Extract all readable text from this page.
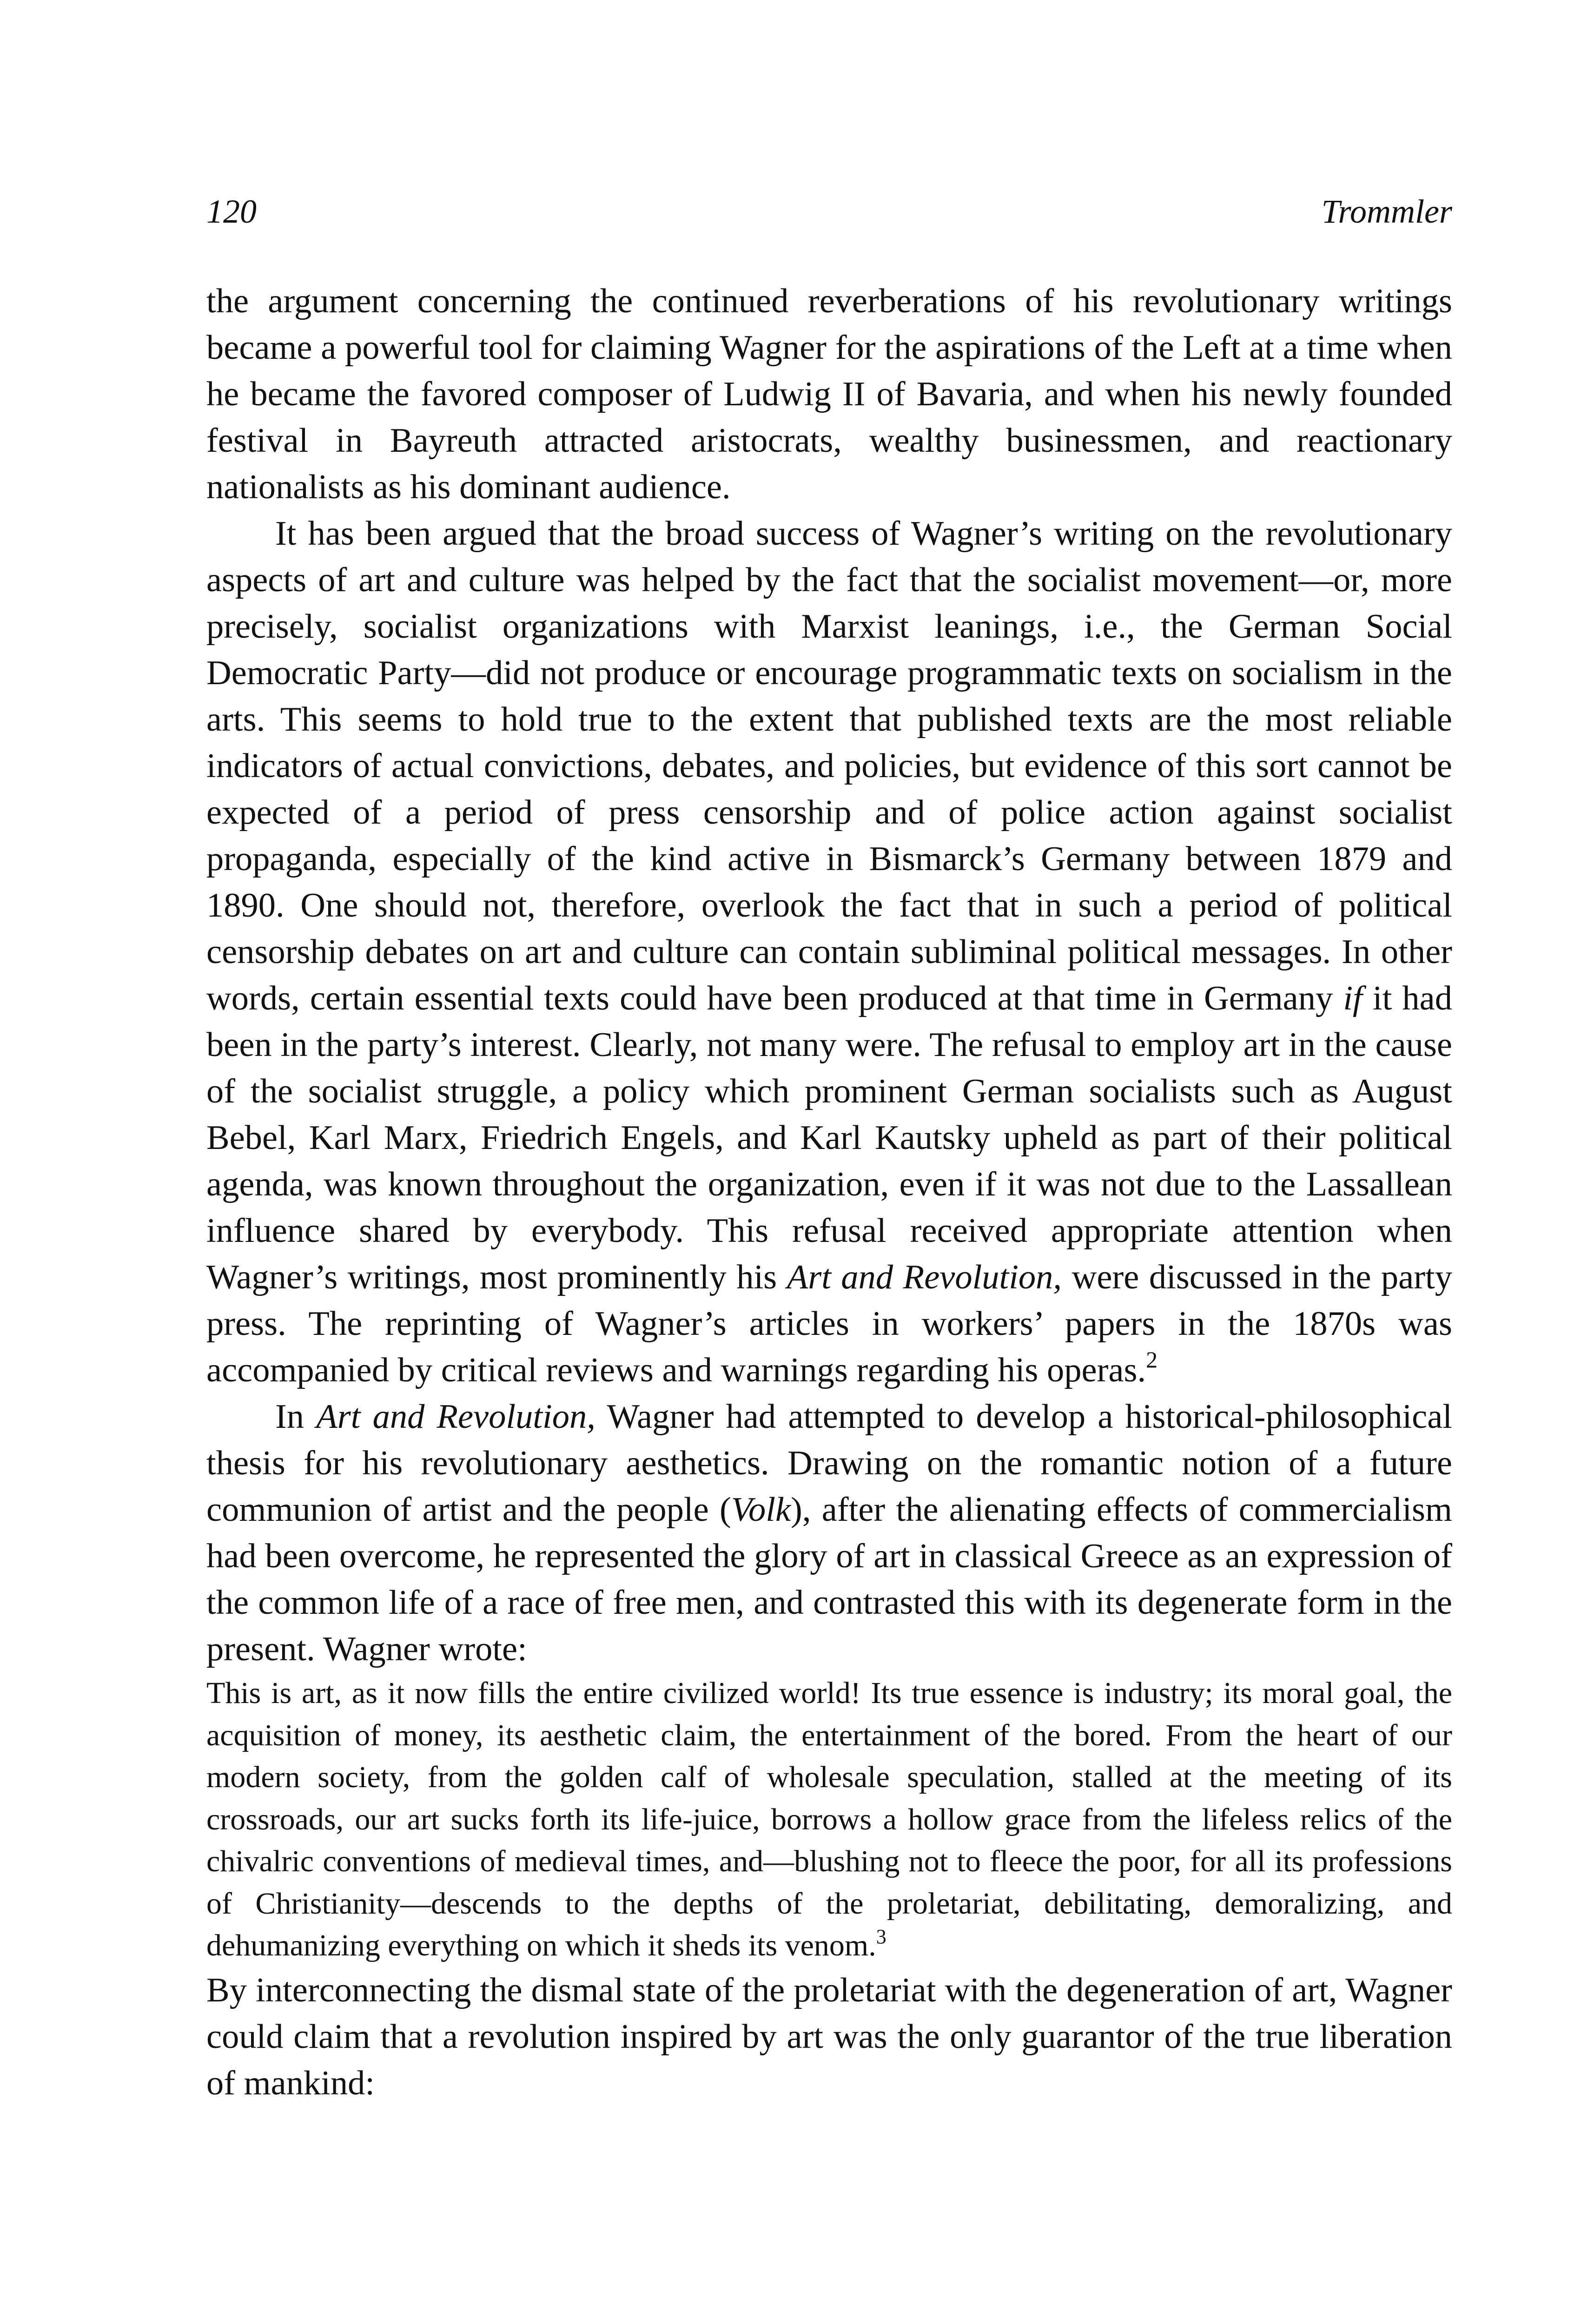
120	Trommler

the argument concerning the continued reverberations of his revolutionary writings became a powerful tool for claiming Wagner for the aspirations of the Left at a time when he became the favored composer of Ludwig II of Bavaria, and when his newly founded festival in Bayreuth attracted aristocrats, wealthy businessmen, and reactionary nationalists as his dominant audience.

It has been argued that the broad success of Wagner’s writing on the revolutionary aspects of art and culture was helped by the fact that the socialist movement—or, more precisely, socialist organizations with Marxist leanings, i.e., the German Social Democratic Party—did not produce or encourage programmatic texts on socialism in the arts. This seems to hold true to the extent that published texts are the most reliable indicators of actual convictions, debates, and policies, but evidence of this sort cannot be expected of a period of press censorship and of police action against socialist propaganda, especially of the kind active in Bismarck’s Germany between 1879 and 1890. One should not, therefore, overlook the fact that in such a period of political censorship debates on art and culture can contain subliminal political messages. In other words, certain essential texts could have been produced at that time in Germany if it had been in the party’s interest. Clearly, not many were. The refusal to employ art in the cause of the socialist struggle, a policy which prominent German socialists such as August Bebel, Karl Marx, Friedrich Engels, and Karl Kautsky upheld as part of their political agenda, was known throughout the organization, even if it was not due to the Lassallean influence shared by everybody. This refusal received appropriate attention when Wagner’s writings, most prominently his Art and Revolution, were discussed in the party press. The reprinting of Wagner’s articles in workers’ papers in the 1870s was accompanied by critical reviews and warnings regarding his operas.$^2$

In Art and Revolution, Wagner had attempted to develop a historical-philosophical thesis for his revolutionary aesthetics. Drawing on the romantic notion of a future communion of artist and the people (Volk), after the alienating effects of commercialism had been overcome, he represented the glory of art in classical Greece as an expression of the common life of a race of free men, and contrasted this with its degenerate form in the present. Wagner wrote:

This is art, as it now fills the entire civilized world! Its true essence is industry; its moral goal, the acquisition of money, its aesthetic claim, the entertainment of the bored. From the heart of our modern society, from the golden calf of wholesale speculation, stalled at the meeting of its crossroads, our art sucks forth its life-juice, borrows a hollow grace from the lifeless relics of the chivalric conventions of medieval times, and—blushing not to fleece the poor, for all its professions of Christianity—descends to the depths of the proletariat, debilitating, demoralizing, and dehumanizing everything on which it sheds its venom.$^3$

By interconnecting the dismal state of the proletariat with the degeneration of art, Wagner could claim that a revolution inspired by art was the only guarantor of the true liberation of mankind:
